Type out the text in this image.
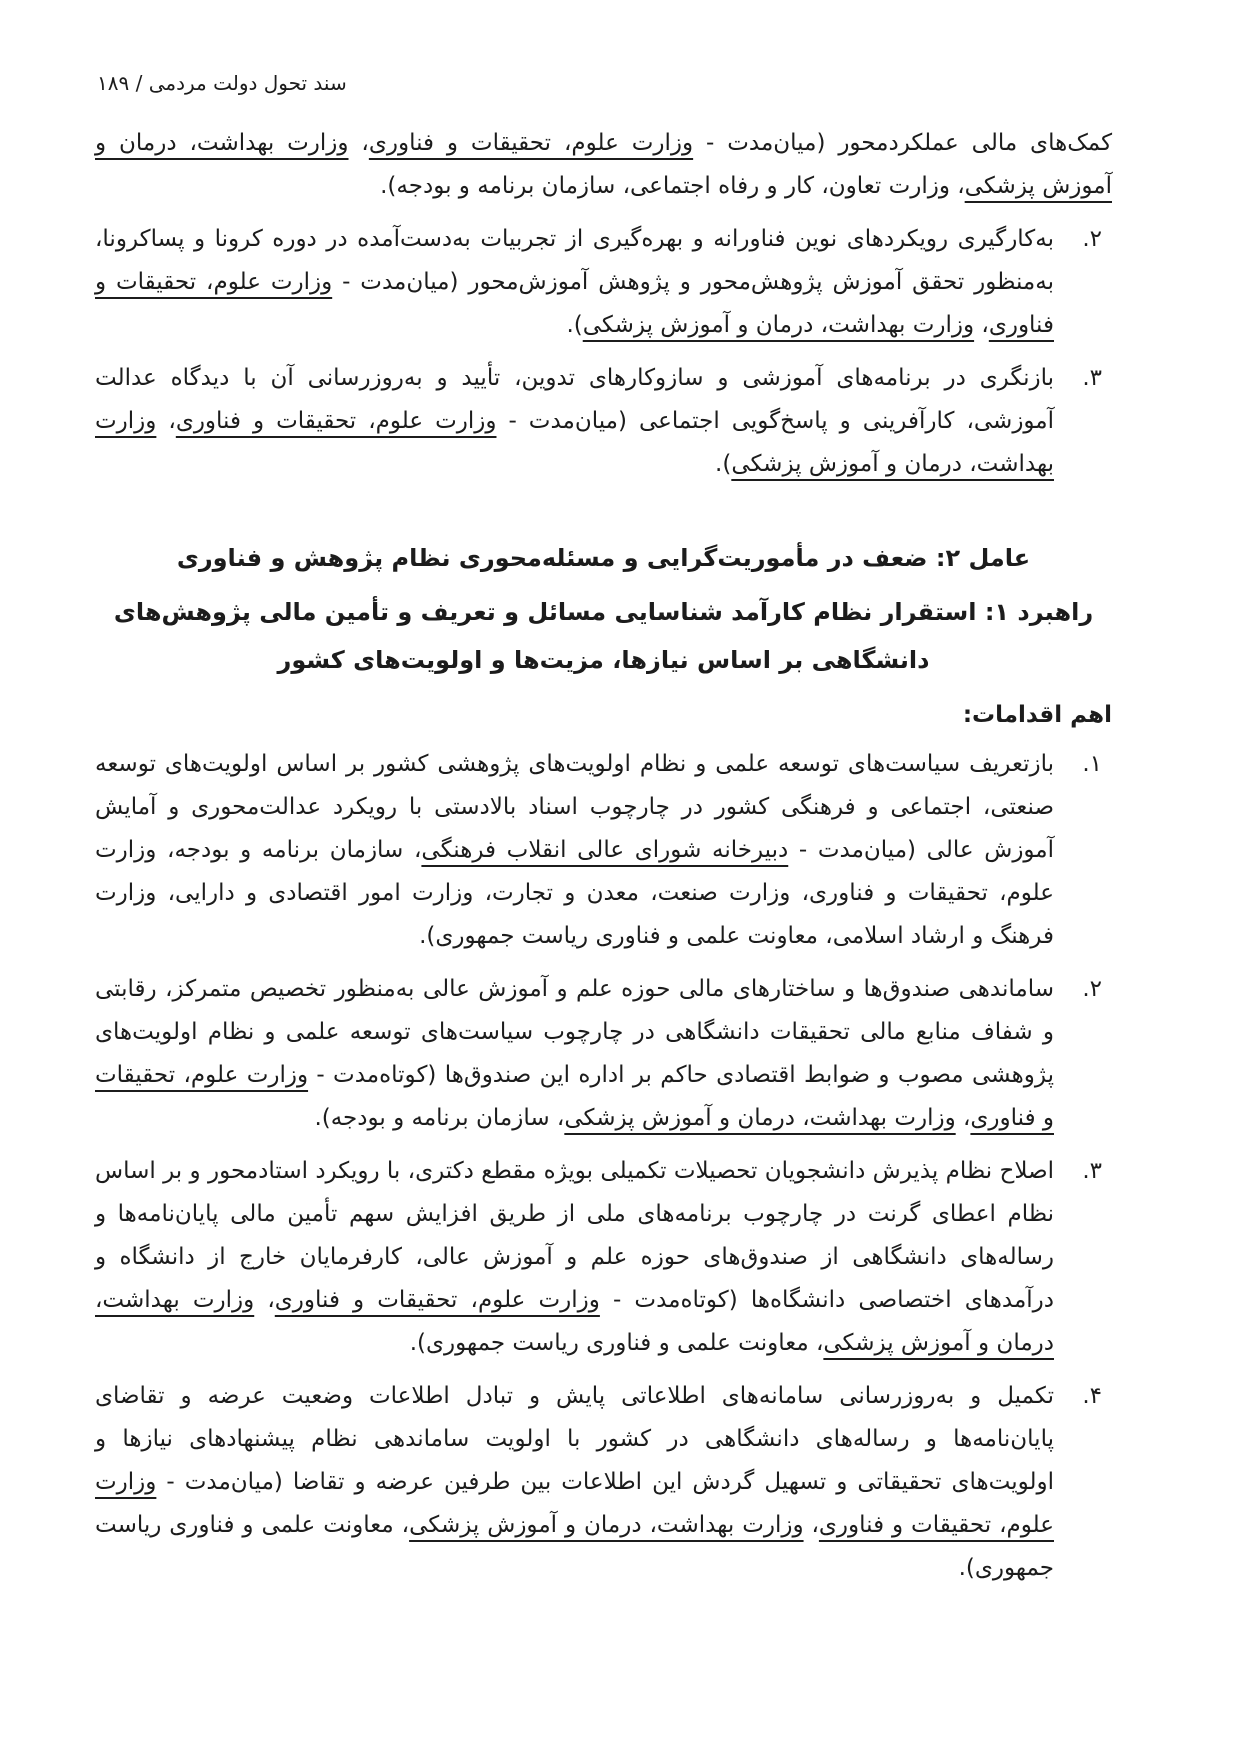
سند تحول دولت مردمی / ۱۸۹
کمک‌های مالی عملکردمحور (میان‌مدت - وزارت علوم، تحقیقات و فناوری، وزارت بهداشت، درمان و آموزش پزشکی، وزارت تعاون، کار و رفاه اجتماعی، سازمان برنامه و بودجه).
۲.
به‌کارگیری رویکردهای نوین فناورانه و بهره‌گیری از تجربیات به‌دست‌آمده در دوره کرونا و پساکرونا، به‌منظور تحقق آموزش پژوهش‌محور و پژوهش آموزش‌محور (میان‌مدت - وزارت علوم، تحقیقات و فناوری، وزارت بهداشت، درمان و آموزش پزشکی).
۳.
بازنگری در برنامه‌های آموزشی و سازوکارهای تدوین، تأیید و به‌روزرسانی آن با دیدگاه عدالت آموزشی، کارآفرینی و پاسخ‌گویی اجتماعی (میان‌مدت - وزارت علوم، تحقیقات و فناوری، وزارت بهداشت، درمان و آموزش پزشکی).
عامل ۲: ضعف در مأموریت‌گرایی و مسئله‌محوری نظام پژوهش و فناوری
راهبرد ۱: استقرار نظام کارآمد شناسایی مسائل و تعریف و تأمین مالی پژوهش‌های دانشگاهی بر اساس نیازها، مزیت‌ها و اولویت‌های کشور
اهم اقدامات:
۱.
بازتعریف سیاست‌های توسعه علمی و نظام اولویت‌های پژوهشی کشور بر اساس اولویت‌های توسعه صنعتی، اجتماعی و فرهنگی کشور در چارچوب اسناد بالادستی با رویکرد عدالت‌محوری و آمایش آموزش عالی (میان‌مدت - دبیرخانه شورای عالی انقلاب فرهنگی، سازمان برنامه و بودجه، وزارت علوم، تحقیقات و فناوری، وزارت صنعت، معدن و تجارت، وزارت امور اقتصادی و دارایی، وزارت فرهنگ و ارشاد اسلامی، معاونت علمی و فناوری ریاست جمهوری).
۲.
ساماندهی صندوق‌ها و ساختارهای مالی حوزه علم و آموزش عالی به‌منظور تخصیص متمرکز، رقابتی و شفاف منابع مالی تحقیقات دانشگاهی در چارچوب سیاست‌های توسعه علمی و نظام اولویت‌های پژوهشی مصوب و ضوابط اقتصادی حاکم بر اداره این صندوق‌ها (کوتاه‌مدت - وزارت علوم، تحقیقات و فناوری، وزارت بهداشت، درمان و آموزش پزشکی، سازمان برنامه و بودجه).
۳.
اصلاح نظام پذیرش دانشجویان تحصیلات تکمیلی بویژه مقطع دکتری، با رویکرد استادمحور و بر اساس نظام اعطای گرنت در چارچوب برنامه‌های ملی از طریق افزایش سهم تأمین مالی پایان‌نامه‌ها و رساله‌های دانشگاهی از صندوق‌های حوزه علم و آموزش عالی، کارفرمایان خارج از دانشگاه و درآمدهای اختصاصی دانشگاه‌ها (کوتاه‌مدت - وزارت علوم، تحقیقات و فناوری، وزارت بهداشت، درمان و آموزش پزشکی، معاونت علمی و فناوری ریاست جمهوری).
۴.
تکمیل و به‌روزرسانی سامانه‌های اطلاعاتی پایش و تبادل اطلاعات وضعیت عرضه و تقاضای پایان‌نامه‌ها و رساله‌های دانشگاهی در کشور با اولویت ساماندهی نظام پیشنهادهای نیازها و اولویت‌های تحقیقاتی و تسهیل گردش این اطلاعات بین طرفین عرضه و تقاضا (میان‌مدت - وزارت علوم، تحقیقات و فناوری، وزارت بهداشت، درمان و آموزش پزشکی، معاونت علمی و فناوری ریاست جمهوری).
